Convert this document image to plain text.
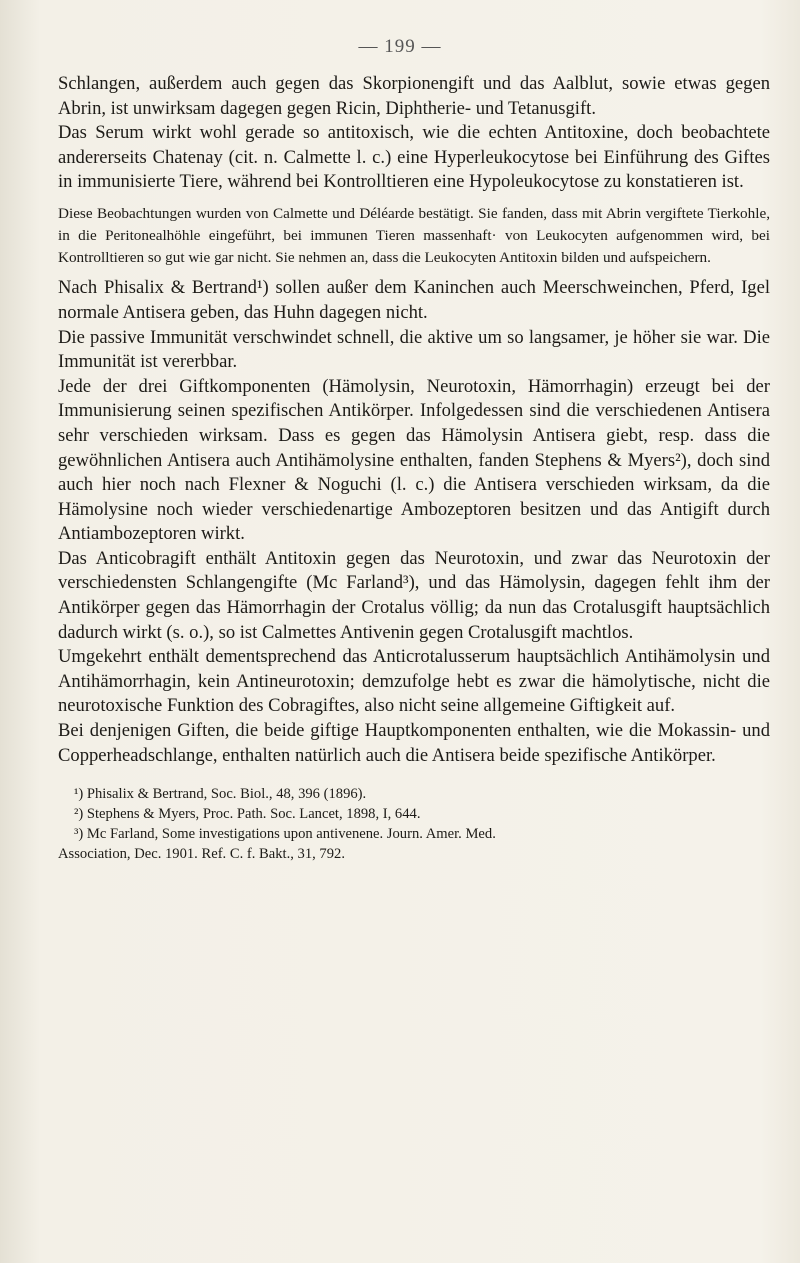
— 199 —

Schlangen, außerdem auch gegen das Skorpionengift und das Aalblut, sowie etwas gegen Abrin, ist unwirksam dagegen gegen Ricin, Diphtherie- und Tetanusgift.

Das Serum wirkt wohl gerade so antitoxisch, wie die echten Antitoxine, doch beobachtete andererseits Chatenay (cit. n. Calmette l. c.) eine Hyperleukocytose bei Einführung des Giftes in immunisierte Tiere, während bei Kontrolltieren eine Hypoleukocytose zu konstatieren ist.

Diese Beobachtungen wurden von Calmette und Déléarde bestätigt. Sie fanden, dass mit Abrin vergiftete Tierkohle, in die Peritonealhöhle eingeführt, bei immunen Tieren massenhaft· von Leukocyten aufgenommen wird, bei Kontrolltieren so gut wie gar nicht. Sie nehmen an, dass die Leukocyten Antitoxin bilden und aufspeichern.

Nach Phisalix & Bertrand¹) sollen außer dem Kaninchen auch Meerschweinchen, Pferd, Igel normale Antisera geben, das Huhn dagegen nicht.

Die passive Immunität verschwindet schnell, die aktive um so langsamer, je höher sie war. Die Immunität ist vererbbar.

Jede der drei Giftkomponenten (Hämolysin, Neurotoxin, Hämorrhagin) erzeugt bei der Immunisierung seinen spezifischen Antikörper. Infolgedessen sind die verschiedenen Antisera sehr verschieden wirksam. Dass es gegen das Hämolysin Antisera giebt, resp. dass die gewöhnlichen Antisera auch Antihämolysine enthalten, fanden Stephens & Myers²), doch sind auch hier noch nach Flexner & Noguchi (l. c.) die Antisera verschieden wirksam, da die Hämolysine noch wieder verschiedenartige Ambozeptoren besitzen und das Antigift durch Antiambozeptoren wirkt.

Das Anticobragift enthält Antitoxin gegen das Neurotoxin, und zwar das Neurotoxin der verschiedensten Schlangengifte (Mc Farland³), und das Hämolysin, dagegen fehlt ihm der Antikörper gegen das Hämorrhagin der Crotalus völlig; da nun das Crotalusgift hauptsächlich dadurch wirkt (s. o.), so ist Calmettes Antivenin gegen Crotalusgift machtlos.

Umgekehrt enthält dementsprechend das Anticrotalusserum hauptsächlich Antihämolysin und Antihämorrhagin, kein Antineurotoxin; demzufolge hebt es zwar die hämolytische, nicht die neurotoxische Funktion des Cobragiftes, also nicht seine allgemeine Giftigkeit auf.

Bei denjenigen Giften, die beide giftige Hauptkomponenten enthalten, wie die Mokassin- und Copperheadschlange, enthalten natürlich auch die Antisera beide spezifische Antikörper.

¹) Phisalix & Bertrand, Soc. Biol., 48, 396 (1896).

²) Stephens & Myers, Proc. Path. Soc. Lancet, 1898, I, 644.

³) Mc Farland, Some investigations upon antivenene. Journ. Amer. Med.

Association, Dec. 1901. Ref. C. f. Bakt., 31, 792.
